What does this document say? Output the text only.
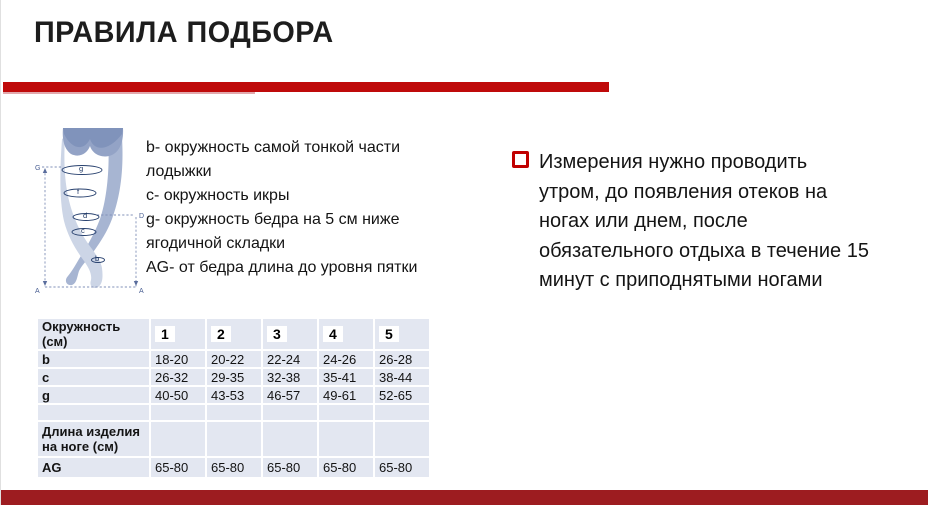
ПРАВИЛА ПОДБОРА
g
f
d
c
b
G
D
A	A
b- окружность самой тонкой части лодыжки
c- окружность икры
g- окружность бедра на 5 см ниже ягодичной складки
AG- от бедра длина до уровня пятки
Измерения нужно проводить
утром, до появления отеков на
ногах или днем, после
обязательного отдыха в течение 15
минут с приподнятыми ногами
Окружность (см)	1	2	3	4	5
b	18-20	20-22	22-24	24-26	26-28
c	26-32	29-35	32-38	35-41	38-44
g	40-50	43-53	46-57	49-61	52-65

Длина изделия на ноге (см)					
AG	65-80	65-80	65-80	65-80	65-80
